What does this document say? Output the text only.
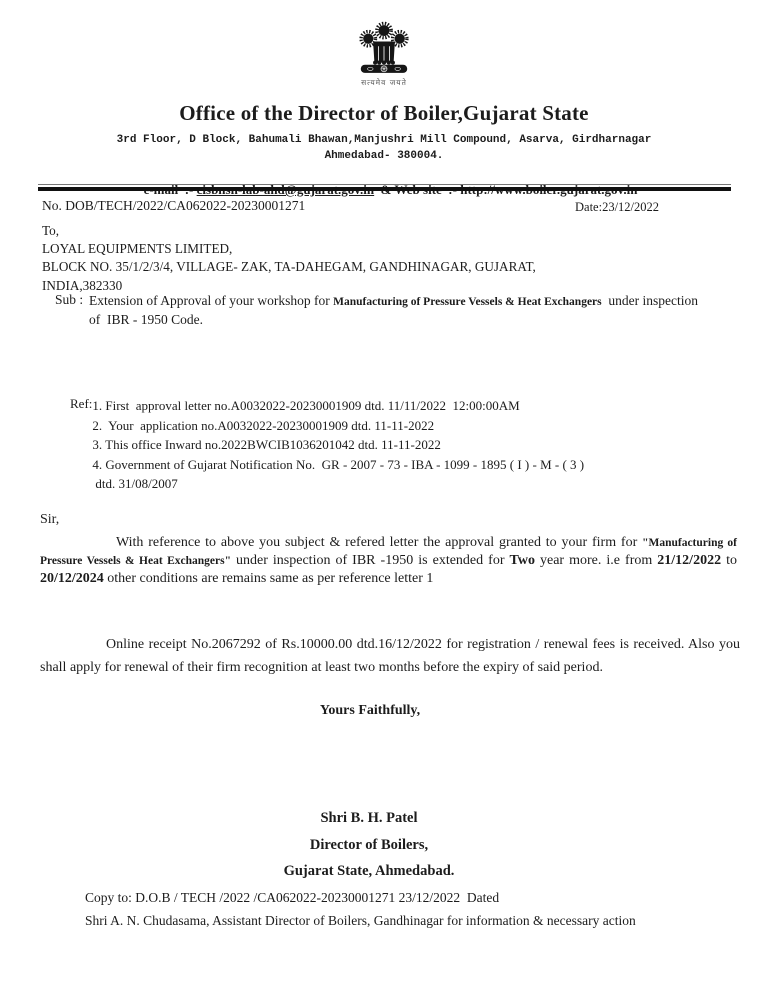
सत्यमेव जयते
Office of the Director of Boiler,Gujarat State
3rd Floor, D Block, Bahumali Bhawan,Manjushri Mill Compound, Asarva, Girdharnagar
Ahmedabad- 380004.

No. DOB/TECH/2022/CA062022-20230001271	Date:23/12/2022
To,
LOYAL EQUIPMENTS LIMITED,
BLOCK NO. 35/1/2/3/4, VILLAGE- ZAK, TA-DAHEGAM, GANDHINAGAR, GUJARAT,
INDIA,382330
Sub : Extension of Approval of your workshop for Manufacturing of Pressure Vessels & Heat Exchangers  under inspection
of  IBR - 1950 Code.
Ref: 1. First  approval letter no.A0032022-20230001909 dtd. 11/11/2022  12:00:00AM
2.  Your  application no.A0032022-20230001909 dtd. 11-11-2022
3. This office Inward no.2022BWCIB1036201042 dtd. 11-11-2022
4. Government of Gujarat Notification No.  GR - 2007 - 73 - IBA - 1099 - 1895 ( I ) - M - ( 3 )
dtd. 31/08/2007
Sir,

With reference to above you subject & refered letter the approval granted to your firm for "Manufacturing of Pressure Vessels & Heat Exchangers" under inspection of IBR -1950 is extended for Two year more. i.e from 21/12/2022 to 20/12/2024 other conditions are remains same as per reference letter 1

Online receipt No.2067292 of Rs.10000.00 dtd.16/12/2022 for registration / renewal fees is received. Also you shall apply for renewal of their firm recognition at least two months before the expiry of said period.

Yours Faithfully,
Shri B. H. Patel
Director of Boilers,
Gujarat State, Ahmedabad.
Copy to: D.O.B / TECH /2022 /CA062022-20230001271 23/12/2022  Dated
Shri A. N. Chudasama, Assistant Director of Boilers, Gandhinagar for information & necessary action
